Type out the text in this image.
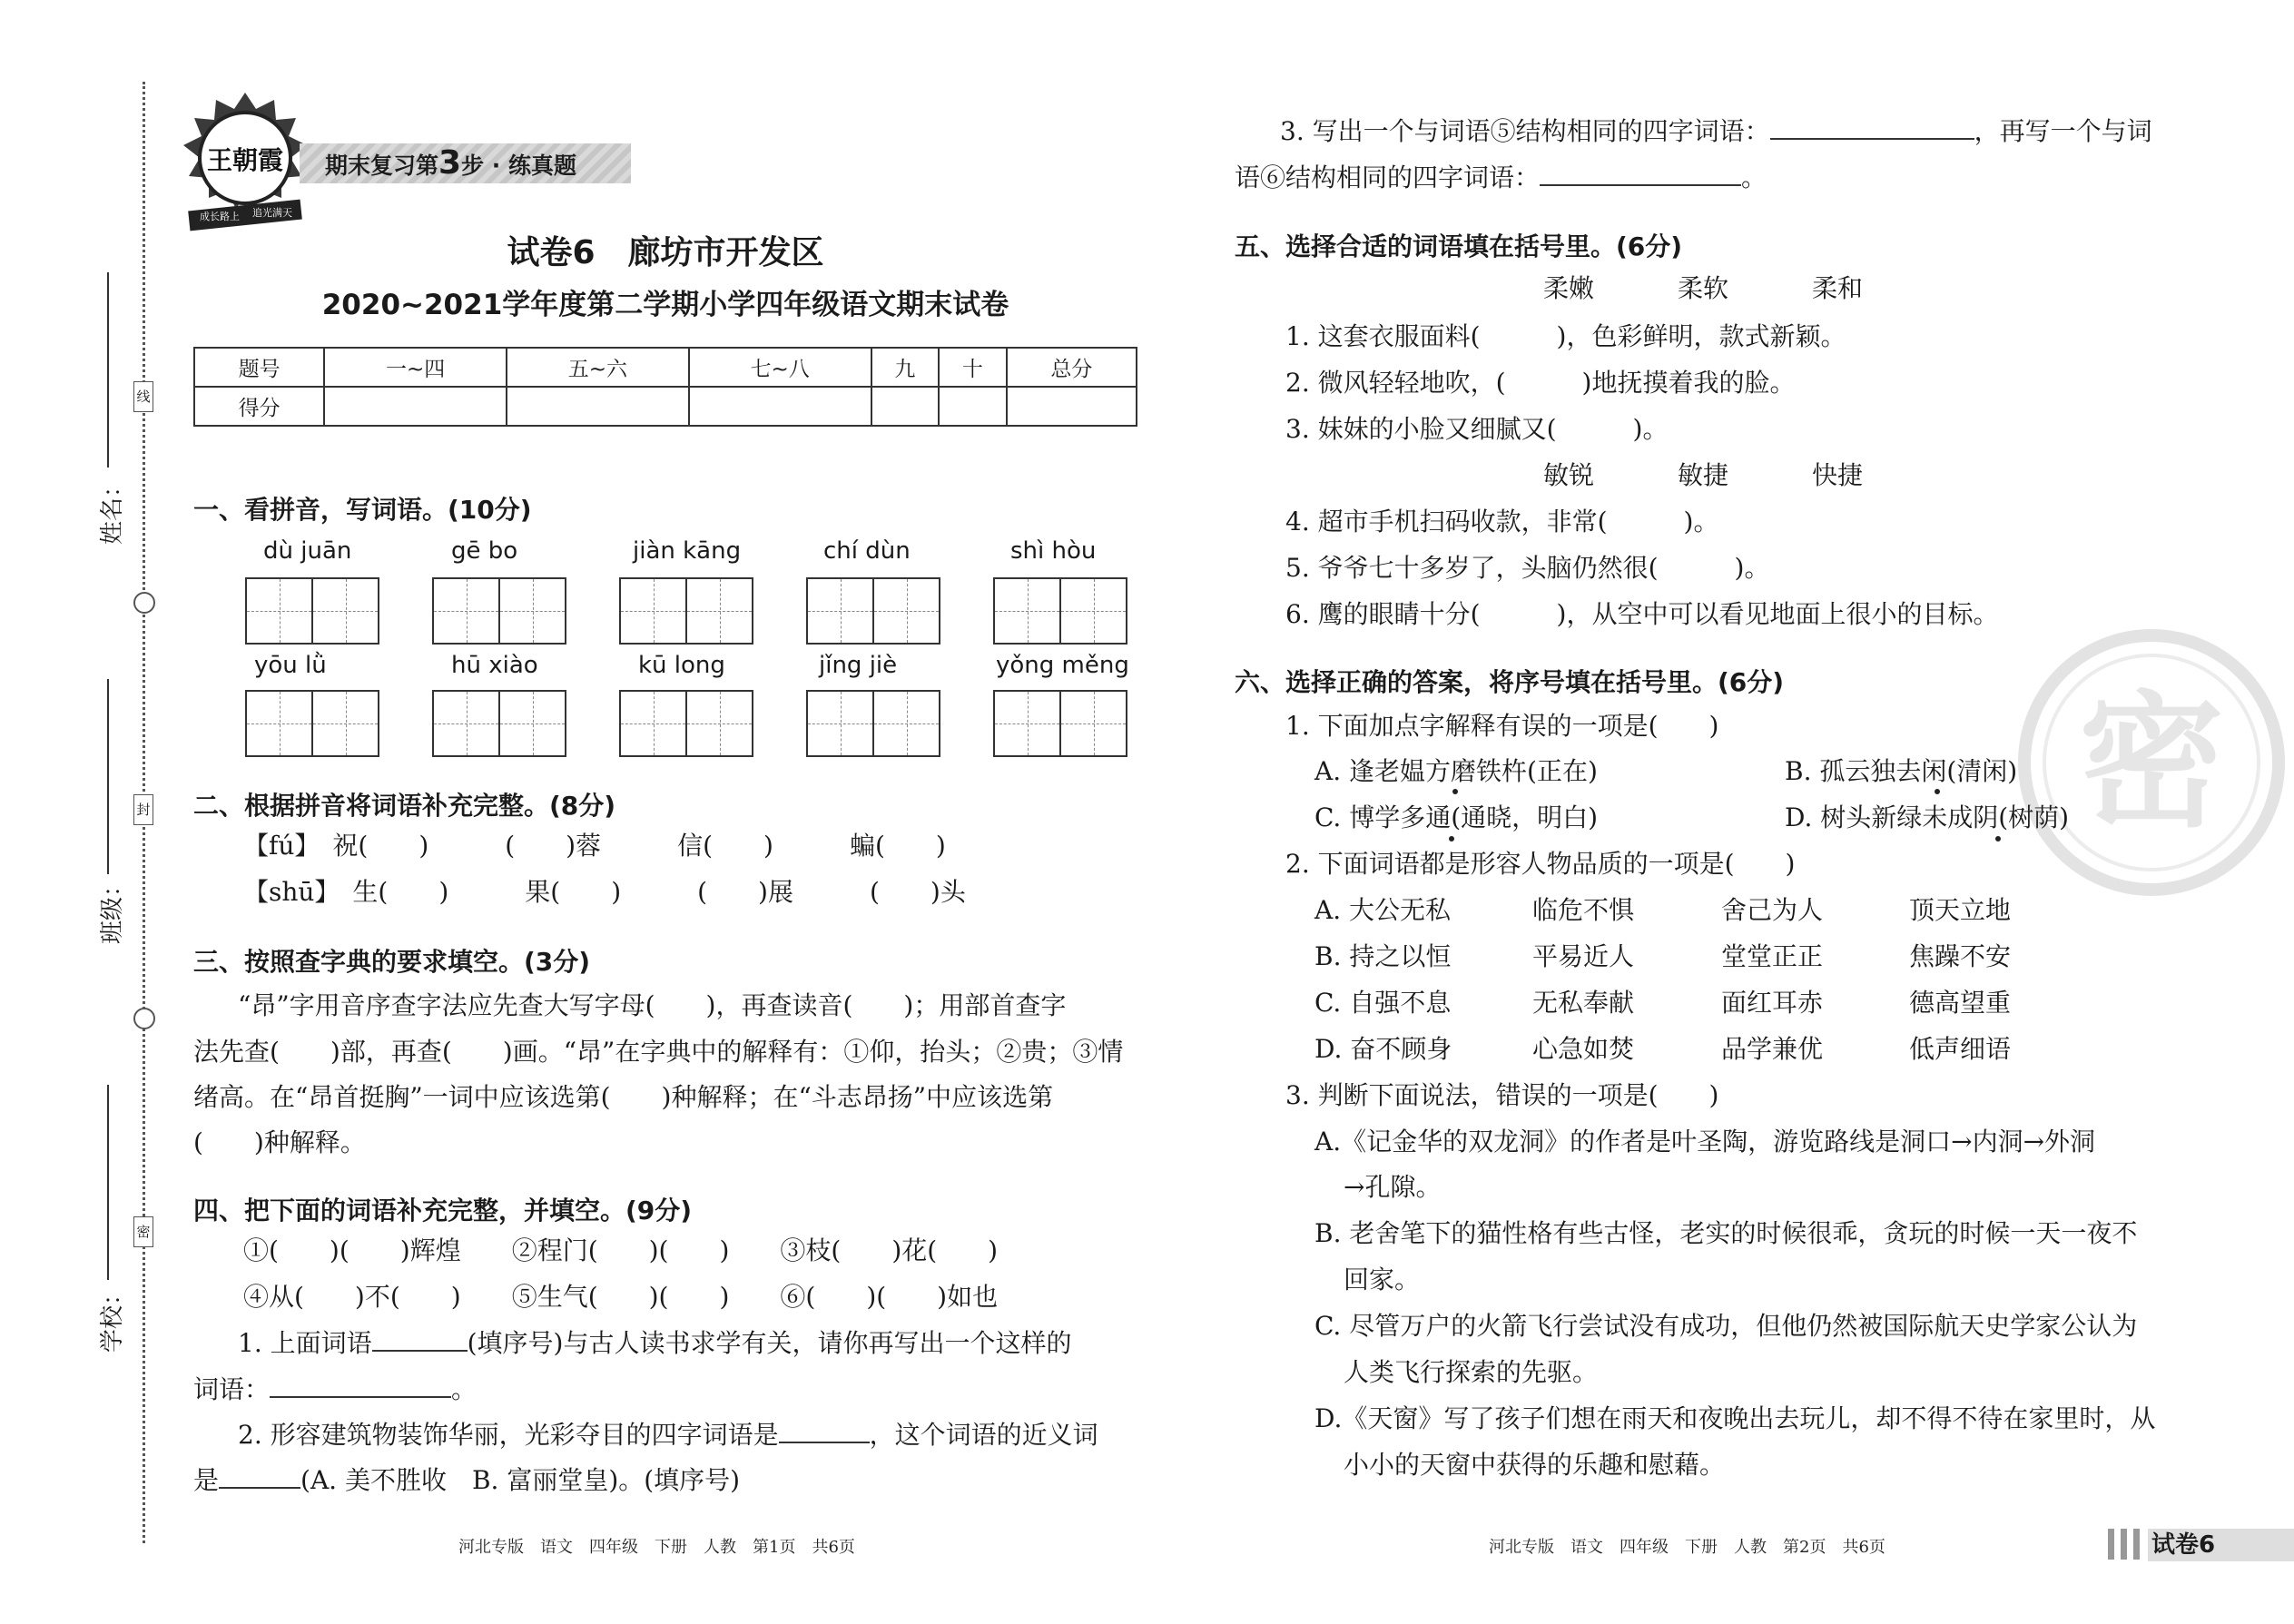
线
封
密
姓名：
班级：
学校：
王朝霞
成长路上 追光满天
期末复习第3步 · 练真题
试卷6　廊坊市开发区
2020~2021学年度第二学期小学四年级语文期末试卷
题号	一~四	五~六	七~八	九	十	总分
得分						
一、看拼音，写词语。(10分)
dù juān	gē bo	jiàn kāng	chí dùn	shì hòu
yōu lǜ	hū xiào	kū long	jǐng jiè	yǒng měng
二、根据拼音将词语补充完整。(8分)
【fú】　祝(　　)　　　(　　)蓉　　　信(　　)　　　蝙(　　)
【shū】　生(　　)　　　果(　　)　　　(　　)展　　　(　　)头
三、按照查字典的要求填空。(3分)
“昂”字用音序查字法应先查大写字母(　　)，再查读音(　　)；用部首查字
法先查(　　)部，再查(　　)画。“昂”在字典中的解释有：①仰，抬头；②贵；③情
绪高。在“昂首挺胸”一词中应该选第(　　)种解释；在“斗志昂扬”中应该选第
(　　)种解释。
四、把下面的词语补充完整，并填空。(9分)
①(　　)(　　)辉煌　　②程门(　　)(　　)　　③枝(　　)花(　　)
④从(　　)不(　　)　　⑤生气(　　)(　　)　　⑥(　　)(　　)如也
1. 上面词语	(填序号)与古人读书求学有关，请你再写出一个这样的
词语：	。
2. 形容建筑物装饰华丽，光彩夺目的四字词语是	，这个词语的近义词
是	(A. 美不胜收　B. 富丽堂皇)。(填序号)
河北专版　语文　四年级　下册　人教　第1页　共6页
3. 写出一个与词语⑤结构相同的四字词语：	，再写一个与词
语⑥结构相同的四字词语：	。
五、选择合适的词语填在括号里。(6分)
柔嫩	柔软	柔和
1. 这套衣服面料(　　　)，色彩鲜明，款式新颖。
2. 微风轻轻地吹，(　　　)地抚摸着我的脸。
3. 妹妹的小脸又细腻又(　　　)。
敏锐	敏捷	快捷
4. 超市手机扫码收款，非常(　　　)。
5. 爷爷七十多岁了，头脑仍然很(　　　)。
6. 鹰的眼睛十分(　　　)，从空中可以看见地面上很小的目标。
密
六、选择正确的答案，将序号填在括号里。(6分)
1. 下面加点字解释有误的一项是(　　)
A. 逢老媪方磨铁杵(正在)	B. 孤云独去闲(清闲)
C. 博学多通(通晓，明白)	D. 树头新绿未成阴(树荫)
2. 下面词语都是形容人物品质的一项是(　　)
A. 大公无私	临危不惧	舍己为人	顶天立地
B. 持之以恒	平易近人	堂堂正正	焦躁不安
C. 自强不息	无私奉献	面红耳赤	德高望重
D. 奋不顾身	心急如焚	品学兼优	低声细语
3. 判断下面说法，错误的一项是(　　)
A.《记金华的双龙洞》的作者是叶圣陶，游览路线是洞口→内洞→外洞
→孔隙。
B. 老舍笔下的猫性格有些古怪，老实的时候很乖，贪玩的时候一天一夜不
回家。
C. 尽管万户的火箭飞行尝试没有成功，但他仍然被国际航天史学家公认为
人类飞行探索的先驱。
D.《天窗》写了孩子们想在雨天和夜晚出去玩儿，却不得不待在家里时，从
小小的天窗中获得的乐趣和慰藉。
河北专版　语文　四年级　下册　人教　第2页　共6页	试卷6
